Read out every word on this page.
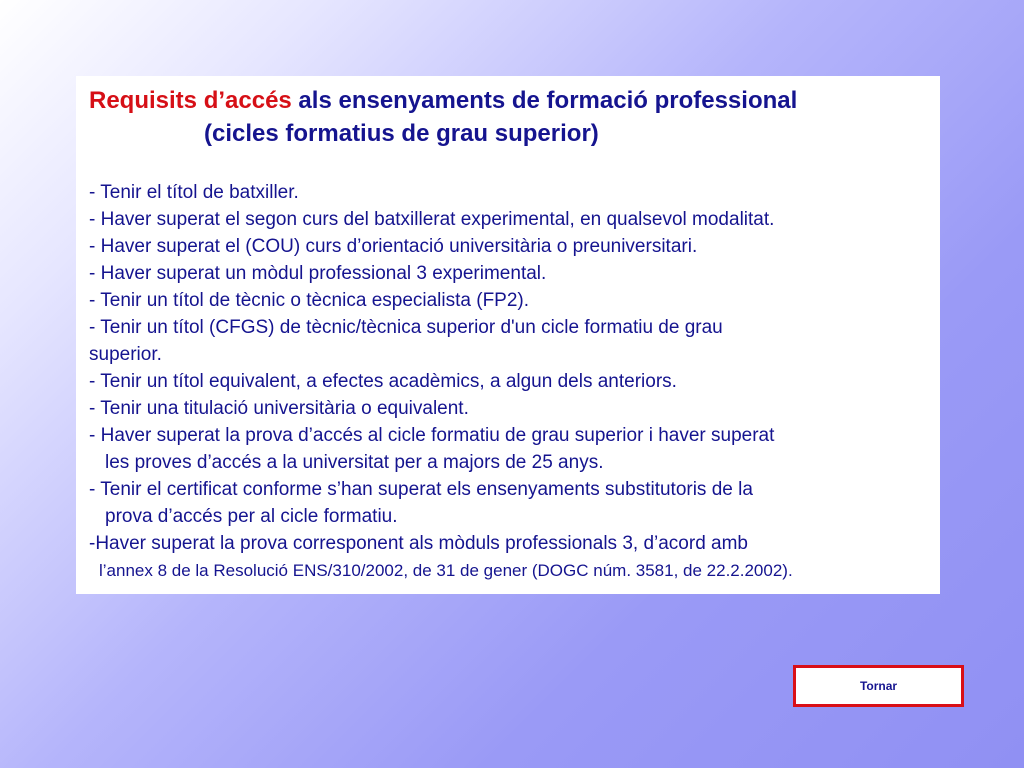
Requisits d’accés als ensenyaments de formació professional
(cicles formatius de grau superior)
- Tenir el títol de batxiller.
- Haver superat el segon curs del batxillerat experimental, en qualsevol modalitat.
- Haver superat el (COU) curs d’orientació universitària o preuniversitari.
- Haver superat un mòdul professional 3 experimental.
- Tenir un títol de tècnic o tècnica especialista (FP2).
- Tenir un títol (CFGS) de tècnic/tècnica superior d'un cicle formatiu de grau
superior.
- Tenir un títol equivalent, a efectes acadèmics, a algun dels anteriors.
- Tenir una titulació universitària o equivalent.
- Haver superat la prova d’accés al cicle formatiu de grau superior i haver superat
les proves d’accés a la universitat per a majors de 25 anys.
- Tenir el certificat conforme s’han superat els ensenyaments substitutoris de la
prova d’accés per al cicle formatiu.
-Haver superat la prova corresponent als mòduls professionals 3, d’acord amb
l’annex 8 de la Resolució ENS/310/2002, de 31 de gener (DOGC núm. 3581, de 22.2.2002).
Tornar
